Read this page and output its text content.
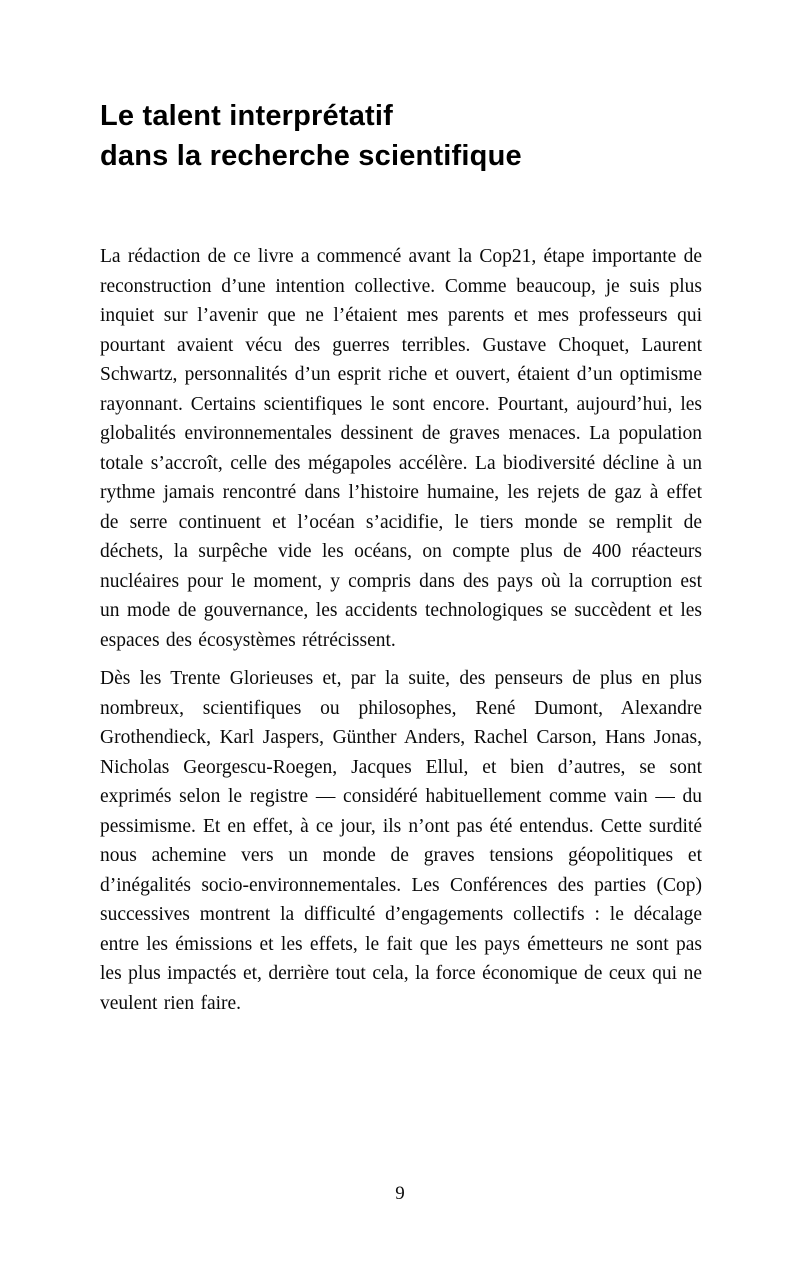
Le talent interprétatif
dans la recherche scientifique

La rédaction de ce livre a commencé avant la Cop21, étape importante de reconstruction d’une intention collective. Comme beaucoup, je suis plus inquiet sur l’avenir que ne l’étaient mes parents et mes professeurs qui pourtant avaient vécu des guerres terribles. Gustave Choquet, Laurent Schwartz, personnalités d’un esprit riche et ouvert, étaient d’un optimisme rayonnant. Certains scientifiques le sont encore. Pourtant, aujourd’hui, les globalités environnementales dessinent de graves menaces. La population totale s’accroît, celle des mégapoles accélère. La biodiversité décline à un rythme jamais rencontré dans l’histoire humaine, les rejets de gaz à effet de serre continuent et l’océan s’acidifie, le tiers monde se remplit de déchets, la surpêche vide les océans, on compte plus de 400 réacteurs nucléaires pour le moment, y compris dans des pays où la corruption est un mode de gouvernance, les accidents technologiques se succèdent et les espaces des écosystèmes rétrécissent.

Dès les Trente Glorieuses et, par la suite, des penseurs de plus en plus nombreux, scientifiques ou philosophes, René Dumont, Alexandre Grothendieck, Karl Jaspers, Günther Anders, Rachel Carson, Hans Jonas, Nicholas Georgescu-Roegen, Jacques Ellul, et bien d’autres, se sont exprimés selon le registre — considéré habituellement comme vain — du pessimisme. Et en effet, à ce jour, ils n’ont pas été entendus. Cette surdité nous achemine vers un monde de graves tensions géopolitiques et d’inégalités socio-environnementales. Les Conférences des parties (Cop) successives montrent la difficulté d’engagements collectifs : le décalage entre les émissions et les effets, le fait que les pays émetteurs ne sont pas les plus impactés et, derrière tout cela, la force économique de ceux qui ne veulent rien faire.

9
